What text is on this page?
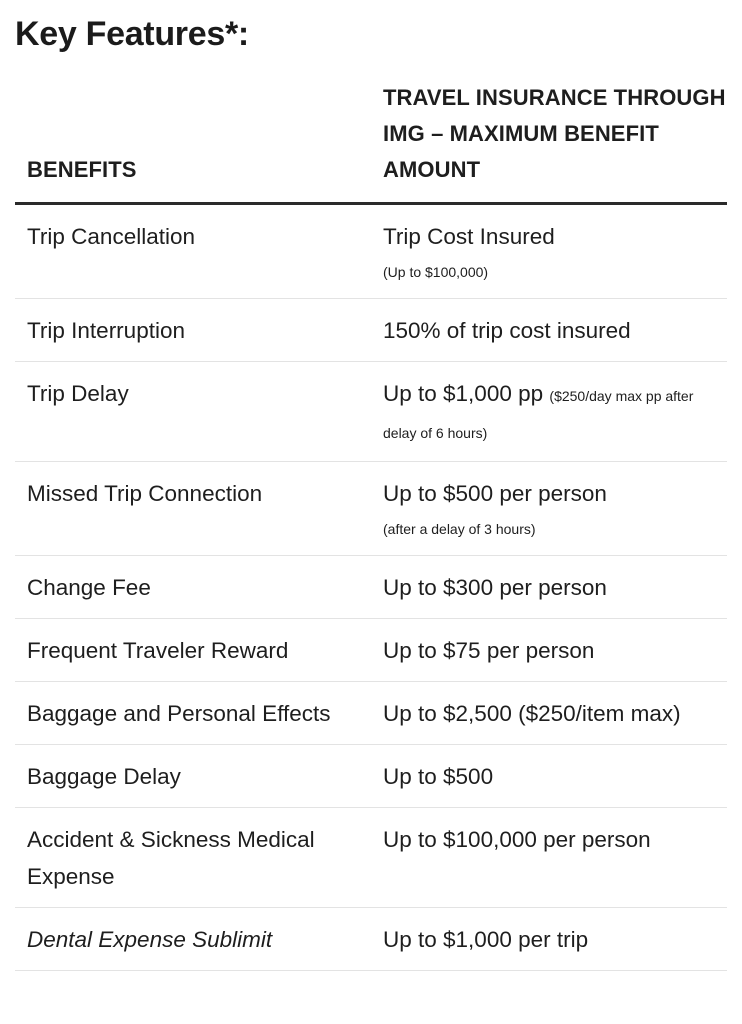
Key Features*:
BENEFITS	TRAVEL INSURANCE THROUGH IMG – MAXIMUM BENEFIT AMOUNT
Trip Cancellation	Trip Cost Insured
(Up to $100,000)

Trip Interruption	150% of trip cost insured
Trip Delay	Up to $1,000 pp ($250/day max pp after delay of 6 hours)
Missed Trip Connection	Up to $500 per person
(after a delay of 3 hours)

Change Fee	Up to $300 per person
Frequent Traveler Reward	Up to $75 per person
Baggage and Personal Effects	Up to $2,500 ($250/item max)
Baggage Delay	Up to $500
Accident & Sickness Medical Expense	Up to $100,000 per person
Dental Expense Sublimit	Up to $1,000 per trip
